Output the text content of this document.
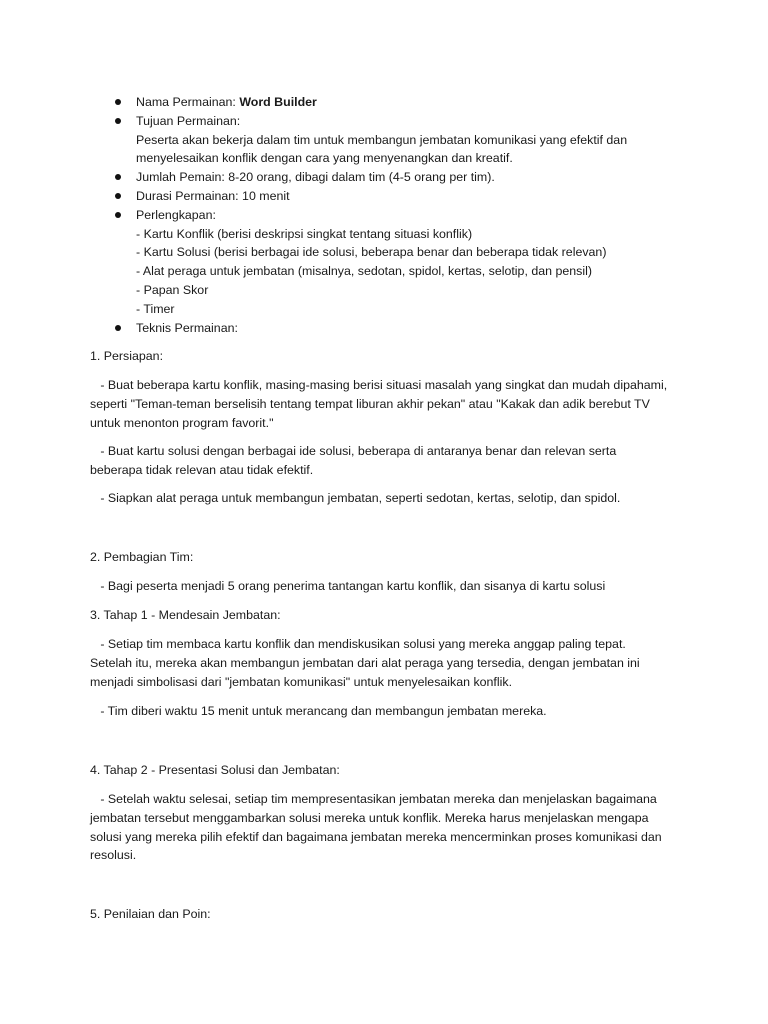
Nama Permainan: Word Builder
Tujuan Permainan:
Peserta akan bekerja dalam tim untuk membangun jembatan komunikasi yang efektif dan
menyelesaikan konflik dengan cara yang menyenangkan dan kreatif.
Jumlah Pemain: 8-20 orang, dibagi dalam tim (4-5 orang per tim).
Durasi Permainan: 10 menit
Perlengkapan:
- Kartu Konflik (berisi deskripsi singkat tentang situasi konflik)
- Kartu Solusi (berisi berbagai ide solusi, beberapa benar dan beberapa tidak relevan)
- Alat peraga untuk jembatan (misalnya, sedotan, spidol, kertas, selotip, dan pensil)
- Papan Skor
- Timer
Teknis Permainan:

1. Persiapan:

- Buat beberapa kartu konflik, masing-masing berisi situasi masalah yang singkat dan mudah dipahami,
seperti "Teman-teman berselisih tentang tempat liburan akhir pekan" atau "Kakak dan adik berebut TV
untuk menonton program favorit."

- Buat kartu solusi dengan berbagai ide solusi, beberapa di antaranya benar dan relevan serta
beberapa tidak relevan atau tidak efektif.

- Siapkan alat peraga untuk membangun jembatan, seperti sedotan, kertas, selotip, dan spidol.

2. Pembagian Tim:

- Bagi peserta menjadi 5 orang penerima tantangan kartu konflik, dan sisanya di kartu solusi

3. Tahap 1 - Mendesain Jembatan:

- Setiap tim membaca kartu konflik dan mendiskusikan solusi yang mereka anggap paling tepat.
Setelah itu, mereka akan membangun jembatan dari alat peraga yang tersedia, dengan jembatan ini
menjadi simbolisasi dari "jembatan komunikasi" untuk menyelesaikan konflik.

- Tim diberi waktu 15 menit untuk merancang dan membangun jembatan mereka.

4. Tahap 2 - Presentasi Solusi dan Jembatan:

- Setelah waktu selesai, setiap tim mempresentasikan jembatan mereka dan menjelaskan bagaimana
jembatan tersebut menggambarkan solusi mereka untuk konflik. Mereka harus menjelaskan mengapa
solusi yang mereka pilih efektif dan bagaimana jembatan mereka mencerminkan proses komunikasi dan
resolusi.

5. Penilaian dan Poin:
